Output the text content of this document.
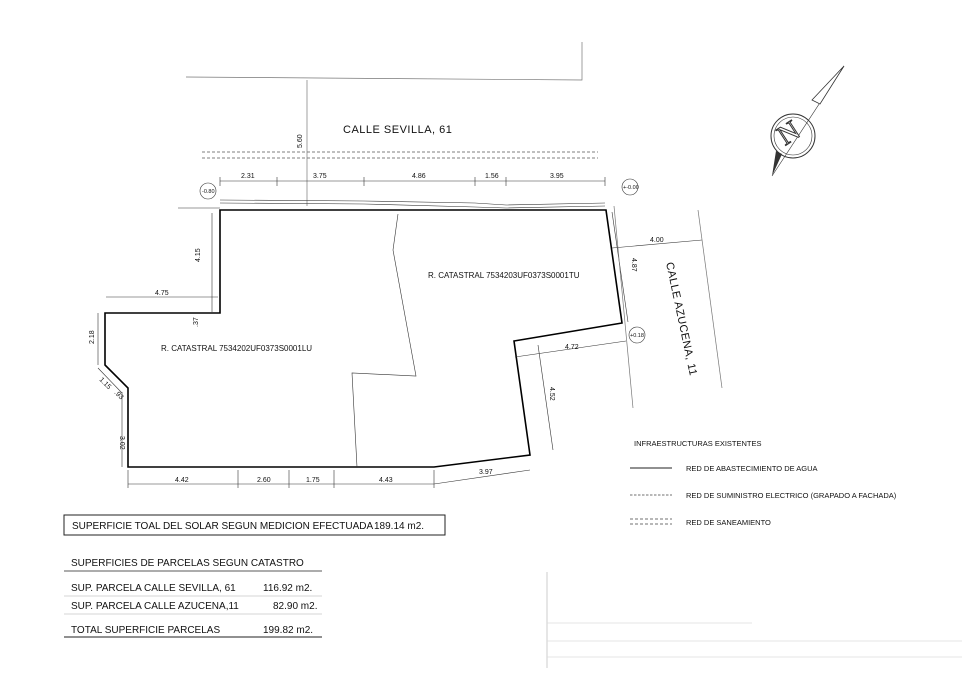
5.60
CALLE SEVILLA, 61
2.31	3.75	4.86	1.56	3.95
-0.80
+-0.00
+0.18
4.15
4.75
.37
2.18
1.15
.93
3.02
4.42	2.60	1.75	4.43
3.97
4.87
4.00
4.72
4.52
CALLE AZUCENA, 11
R. CATASTRAL 7534203UF0373S0001TU
R. CATASTRAL 7534202UF0373S0001LU
N
INFRAESTRUCTURAS EXISTENTES
RED DE ABASTECIMIENTO DE AGUA
RED DE SUMINISTRO ELECTRICO (GRAPADO A FACHADA)
RED DE SANEAMIENTO
SUPERFICIE TOAL DEL SOLAR SEGUN MEDICION EFECTUADA 189.14 m2.
SUPERFICIES DE PARCELAS SEGUN CATASTRO
SUP. PARCELA CALLE SEVILLA, 61	116.92 m2.
SUP. PARCELA CALLE AZUCENA,11	82.90 m2.
TOTAL SUPERFICIE PARCELAS	199.82 m2.
